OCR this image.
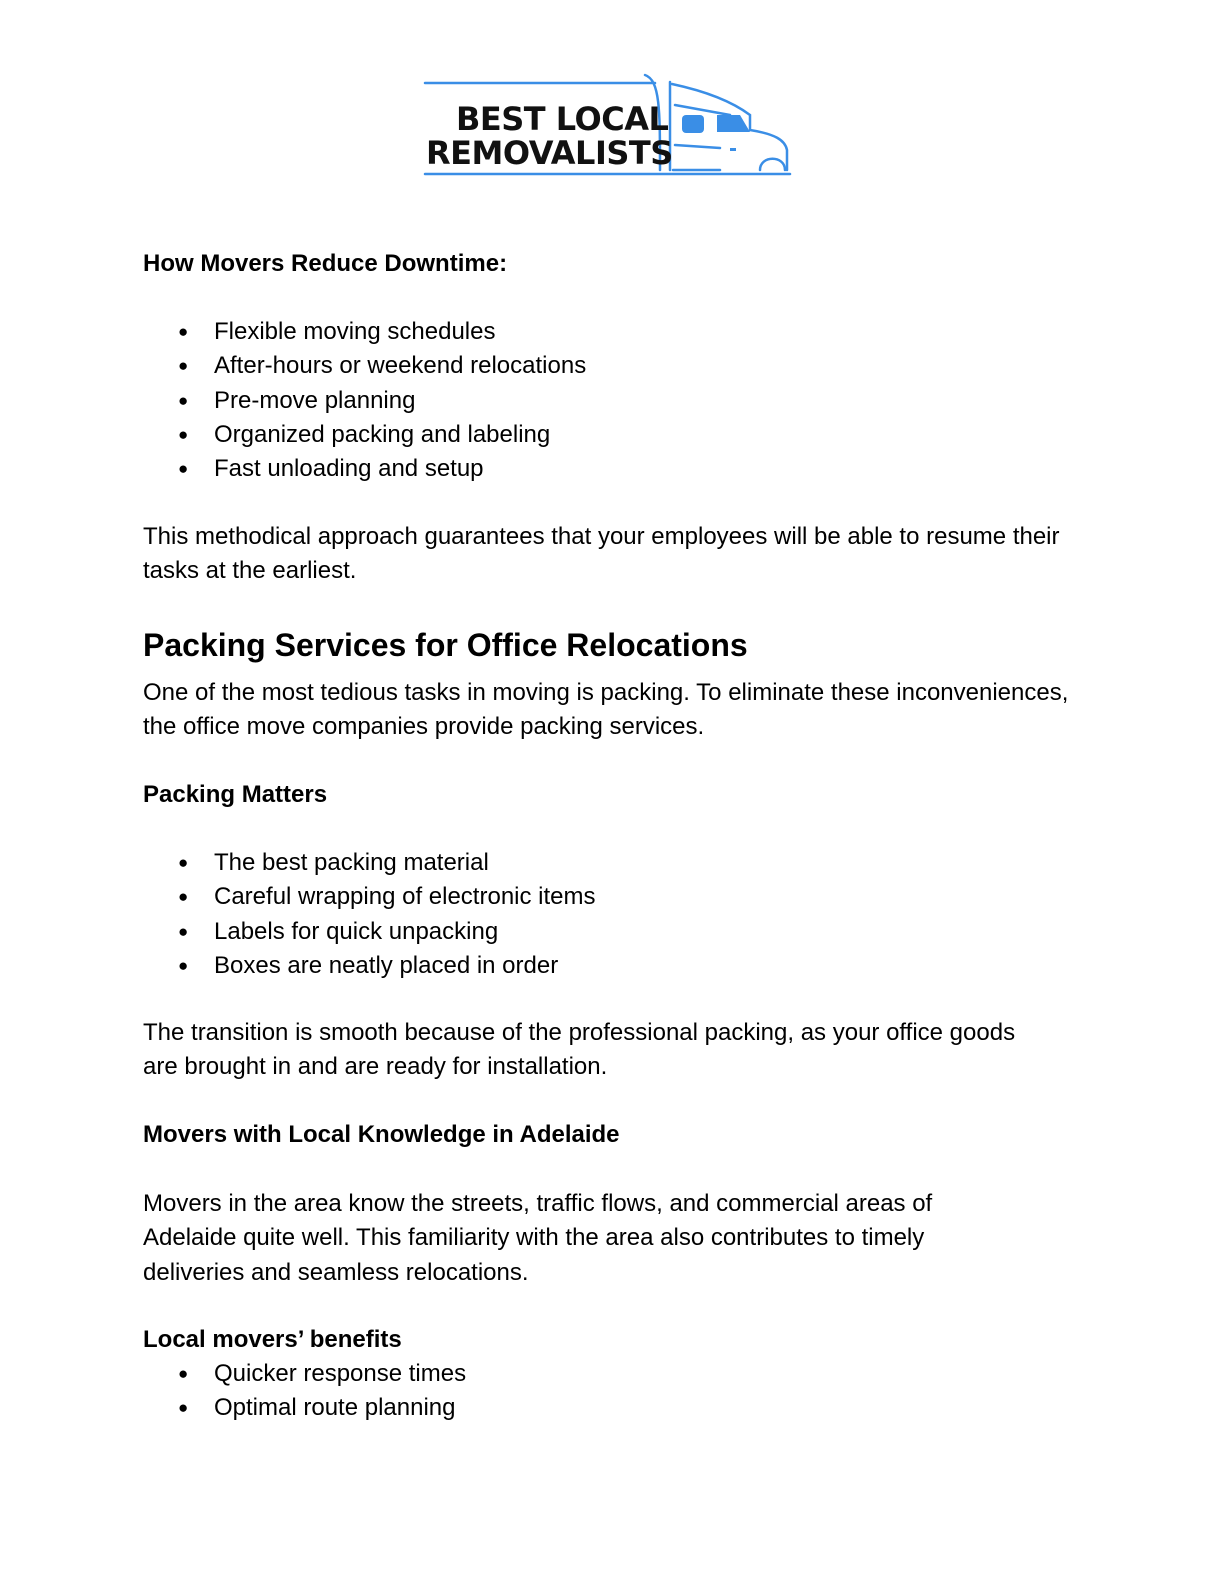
BEST LOCAL
REMOVALISTS
How Movers Reduce Downtime:
● Flexible moving schedules
● After-hours or weekend relocations
● Pre-move planning
● Organized packing and labeling
● Fast unloading and setup

This methodical approach guarantees that your employees will be able to resume their tasks at the earliest.

Packing Services for Office Relocations

One of the most tedious tasks in moving is packing. To eliminate these inconveniences, the office move companies provide packing services.

Packing Matters
● The best packing material
● Careful wrapping of electronic items
● Labels for quick unpacking
● Boxes are neatly placed in order

The transition is smooth because of the professional packing, as your office goods are brought in and are ready for installation.

Movers with Local Knowledge in Adelaide

Movers in the area know the streets, traffic flows, and commercial areas of Adelaide quite well. This familiarity with the area also contributes to timely deliveries and seamless relocations.

Local movers’ benefits
● Quicker response times
● Optimal route planning
